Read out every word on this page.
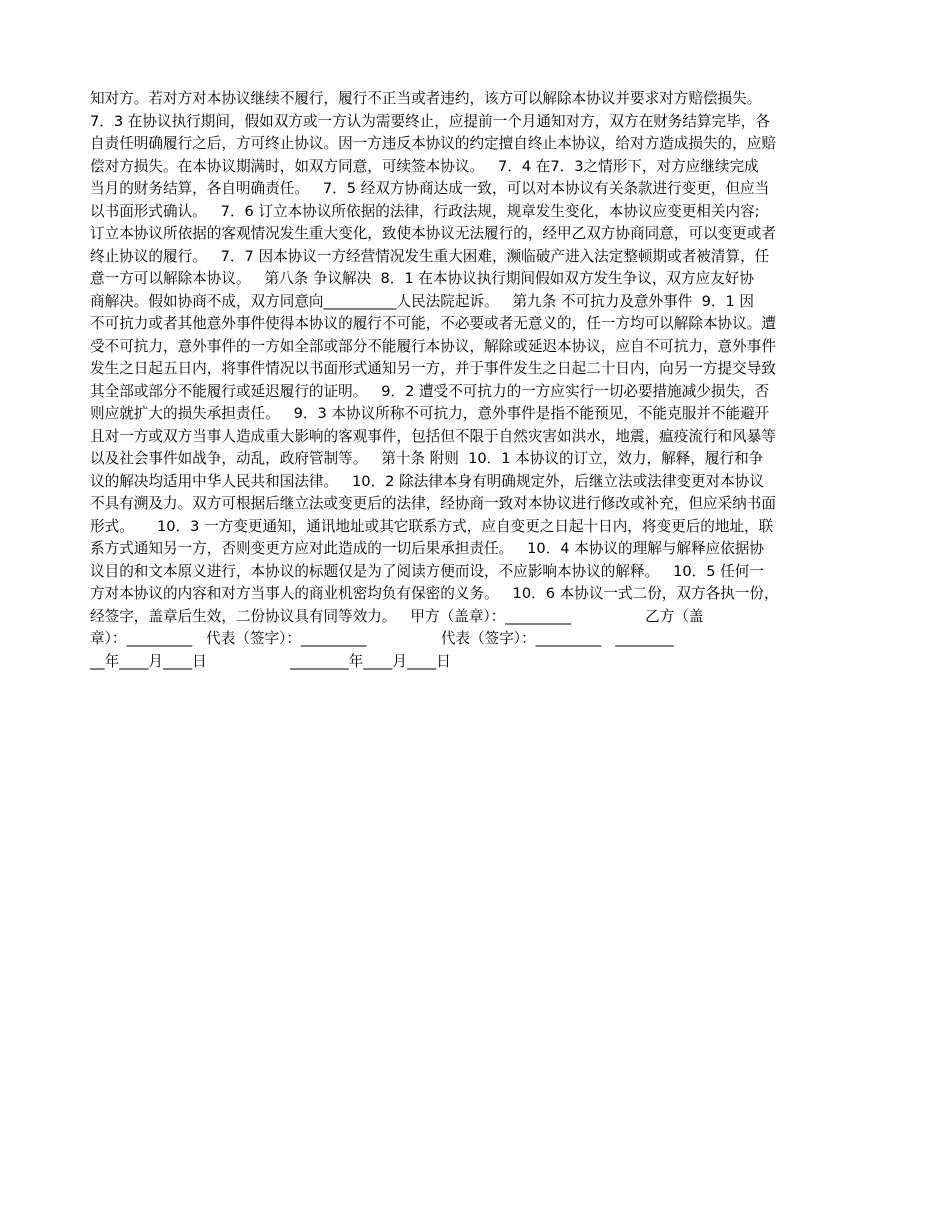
知对方。若对方对本协议继续不履行，履行不正当或者违约，该方可以解除本协议并要求对方赔偿损失。
7．3 在协议执行期间，假如双方或一方认为需要终止，应提前一个月通知对方，双方在财务结算完毕，各
自责任明确履行之后，方可终止协议。因一方违反本协议的约定擅自终止本协议，给对方造成损失的，应赔
偿对方损失。在本协议期满时，如双方同意，可续签本协议。   7．4 在7．3之情形下，对方应继续完成
当月的财务结算，各自明确责任。   7．5 经双方协商达成一致，可以对本协议有关条款进行变更，但应当
以书面形式确认。   7．6 订立本协议所依据的法律，行政法规，规章发生变化，本协议应变更相关内容;
订立本协议所依据的客观情况发生重大变化，致使本协议无法履行的，经甲乙双方协商同意，可以变更或者
终止协议的履行。   7．7 因本协议一方经营情况发生重大困难，濒临破产进入法定整顿期或者被清算，任
意一方可以解除本协议。   第八条 争议解决  8．1 在本协议执行期间假如双方发生争议，双方应友好协
商解决。假如协商不成，双方同意向__________人民法院起诉。   第九条 不可抗力及意外事件  9．1 因
不可抗力或者其他意外事件使得本协议的履行不可能，不必要或者无意义的，任一方均可以解除本协议。遭
受不可抗力，意外事件的一方如全部或部分不能履行本协议，解除或延迟本协议，应自不可抗力，意外事件
发生之日起五日内，将事件情况以书面形式通知另一方，并于事件发生之日起二十日内，向另一方提交导致
其全部或部分不能履行或延迟履行的证明。   9．2 遭受不可抗力的一方应实行一切必要措施减少损失，否
则应就扩大的损失承担责任。   9．3 本协议所称不可抗力，意外事件是指不能预见，不能克服并不能避开
且对一方或双方当事人造成重大影响的客观事件，包括但不限于自然灾害如洪水，地震，瘟疫流行和风暴等
以及社会事件如战争，动乱，政府管制等。   第十条 附则  10．1 本协议的订立，效力，解释，履行和争
议的解决均适用中华人民共和国法律。   10．2 除法律本身有明确规定外，后继立法或法律变更对本协议
不具有溯及力。双方可根据后继立法或变更后的法律，经协商一致对本协议进行修改或补充，但应采纳书面
形式。     10．3 一方变更通知，通讯地址或其它联系方式，应自变更之日起十日内，将变更后的地址，联
系方式通知另一方，否则变更方应对此造成的一切后果承担责任。   10．4 本协议的理解与解释应依据协
议目的和文本原义进行，本协议的标题仅是为了阅读方便而设，不应影响本协议的解释。   10．5 任何一
方对本协议的内容和对方当事人的商业机密均负有保密的义务。   10．6 本协议一式二份，双方各执一份，
经签字，盖章后生效，二份协议具有同等效力。   甲方（盖章）：_________                乙方（盖
章）：_________   代表（签字）：_________                代表（签字）：_________   ________
__年____月____日                  ________年____月____日
